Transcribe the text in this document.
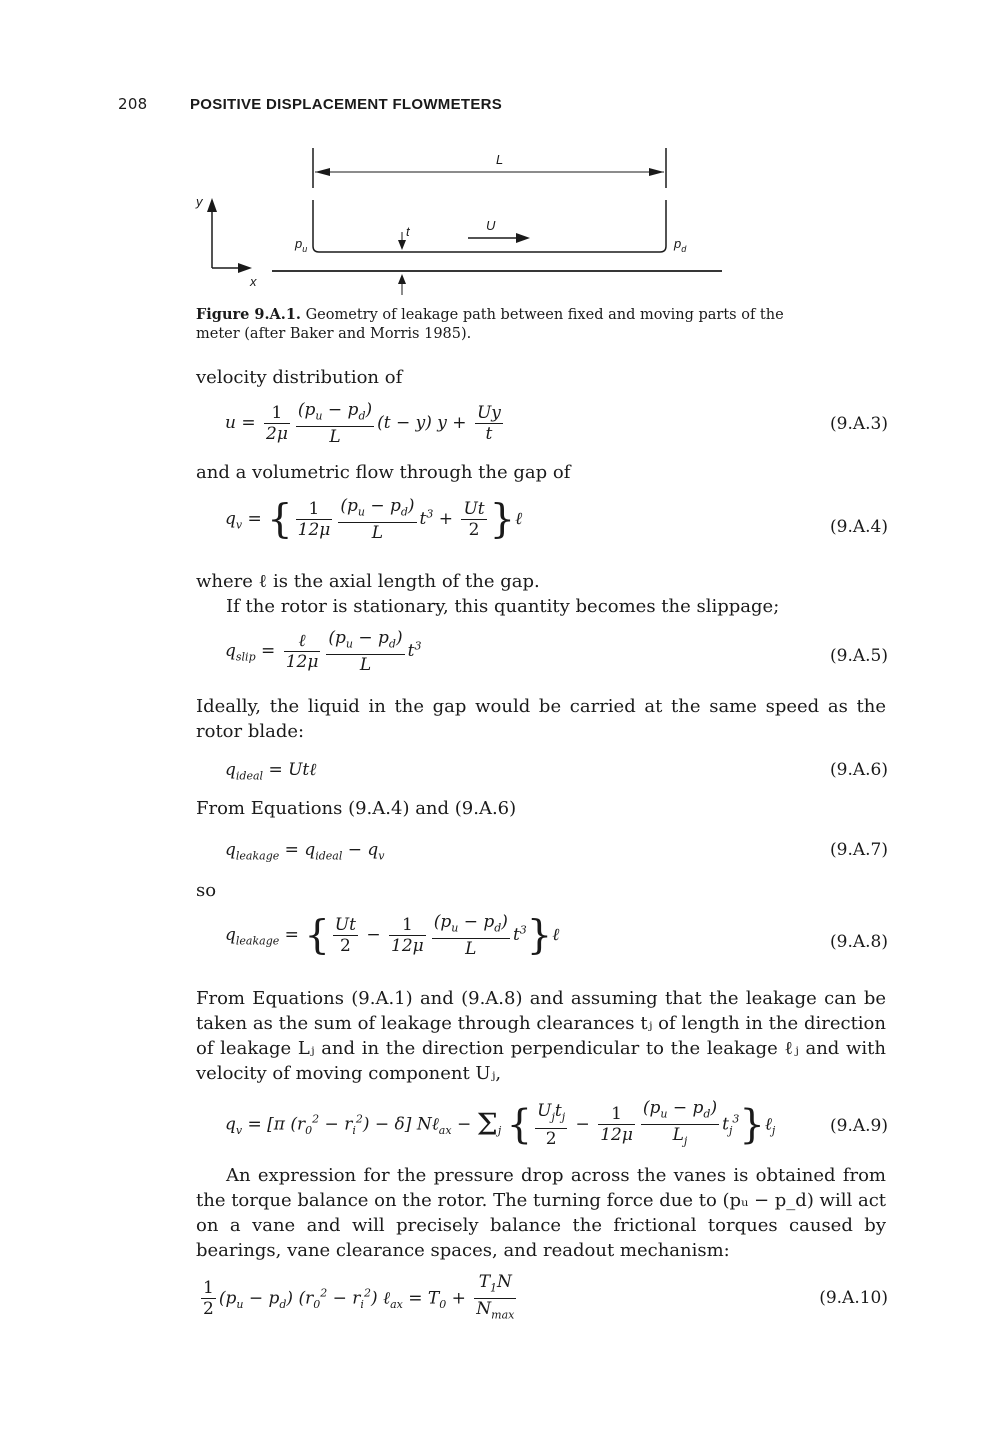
208	POSITIVE DISPLACEMENT FLOWMETERS
L
y
x
$p_u$	$p_d$
t	U
Figure 9.A.1. Geometry of leakage path between fixed and moving parts of the meter (after Baker and Morris 1985).
velocity distribution of
$u = \frac{1}{2\mu} \frac{(p_u - p_d)}{L} (t - y) y + \frac{Uy}{t}$	(9.A.3)
and a volumetric flow through the gap of
$q_v$ = { $\frac{1}{12\mu} \frac{(p_u - p_d)}{L} t^3 + \frac{Ut}{2}$ }ℓ	(9.A.4)
where ℓ is the axial length of the gap.
If the rotor is stationary, this quantity becomes the slippage;
$q_{slip} = \frac{\text{ℓ}}{12\mu} \frac{(p_u - p_d)}{L} t^3$	(9.A.5)
Ideally, the liquid in the gap would be carried at the same speed as the rotor blade:
$q_{ideal}$ = Utℓ	(9.A.6)
From Equations (9.A.4) and (9.A.6)
$q_{leakage} = q_{ideal} - q_v$	(9.A.7)
so
$q_{leakage}$ = { $\frac{Ut}{2} - \frac{1}{12\mu} \frac{(p_u - p_d)}{L}$ $t^3\}\ell$	(9.A.8)
From Equations (9.A.1) and (9.A.8) and assuming that the leakage can be taken as the sum of leakage through clearances tⱼ of length in the direction of leakage Lⱼ and in the direction perpendicular to the leakage ℓⱼ and with velocity of moving component Uⱼ,
$q_v = [\pi$ $(r_0^2 - r_i^2) - \delta$] Nℓ$_{ax}$ − $\Sigma_j$ { $\frac{U_jt_j}{2} - \frac{1}{12\mu} \frac{(p_u - p_d)}{L_j}$ $t_j^3\}\ell_j$	(9.A.9)
An expression for the pressure drop across the vanes is obtained from the torque balance on the rotor. The turning force due to (pᵤ − p_d) will act on a vane and will precisely balance the frictional torques caused by bearings, vane clearance spaces, and readout mechanism:
$\frac{1}{2} (p_u - p_d) (r_0^2 - r_i^2)$ ℓ$_{ax}$ = $T_0 + \frac{T_1N}{N_{max}}$	(9.A.10)
